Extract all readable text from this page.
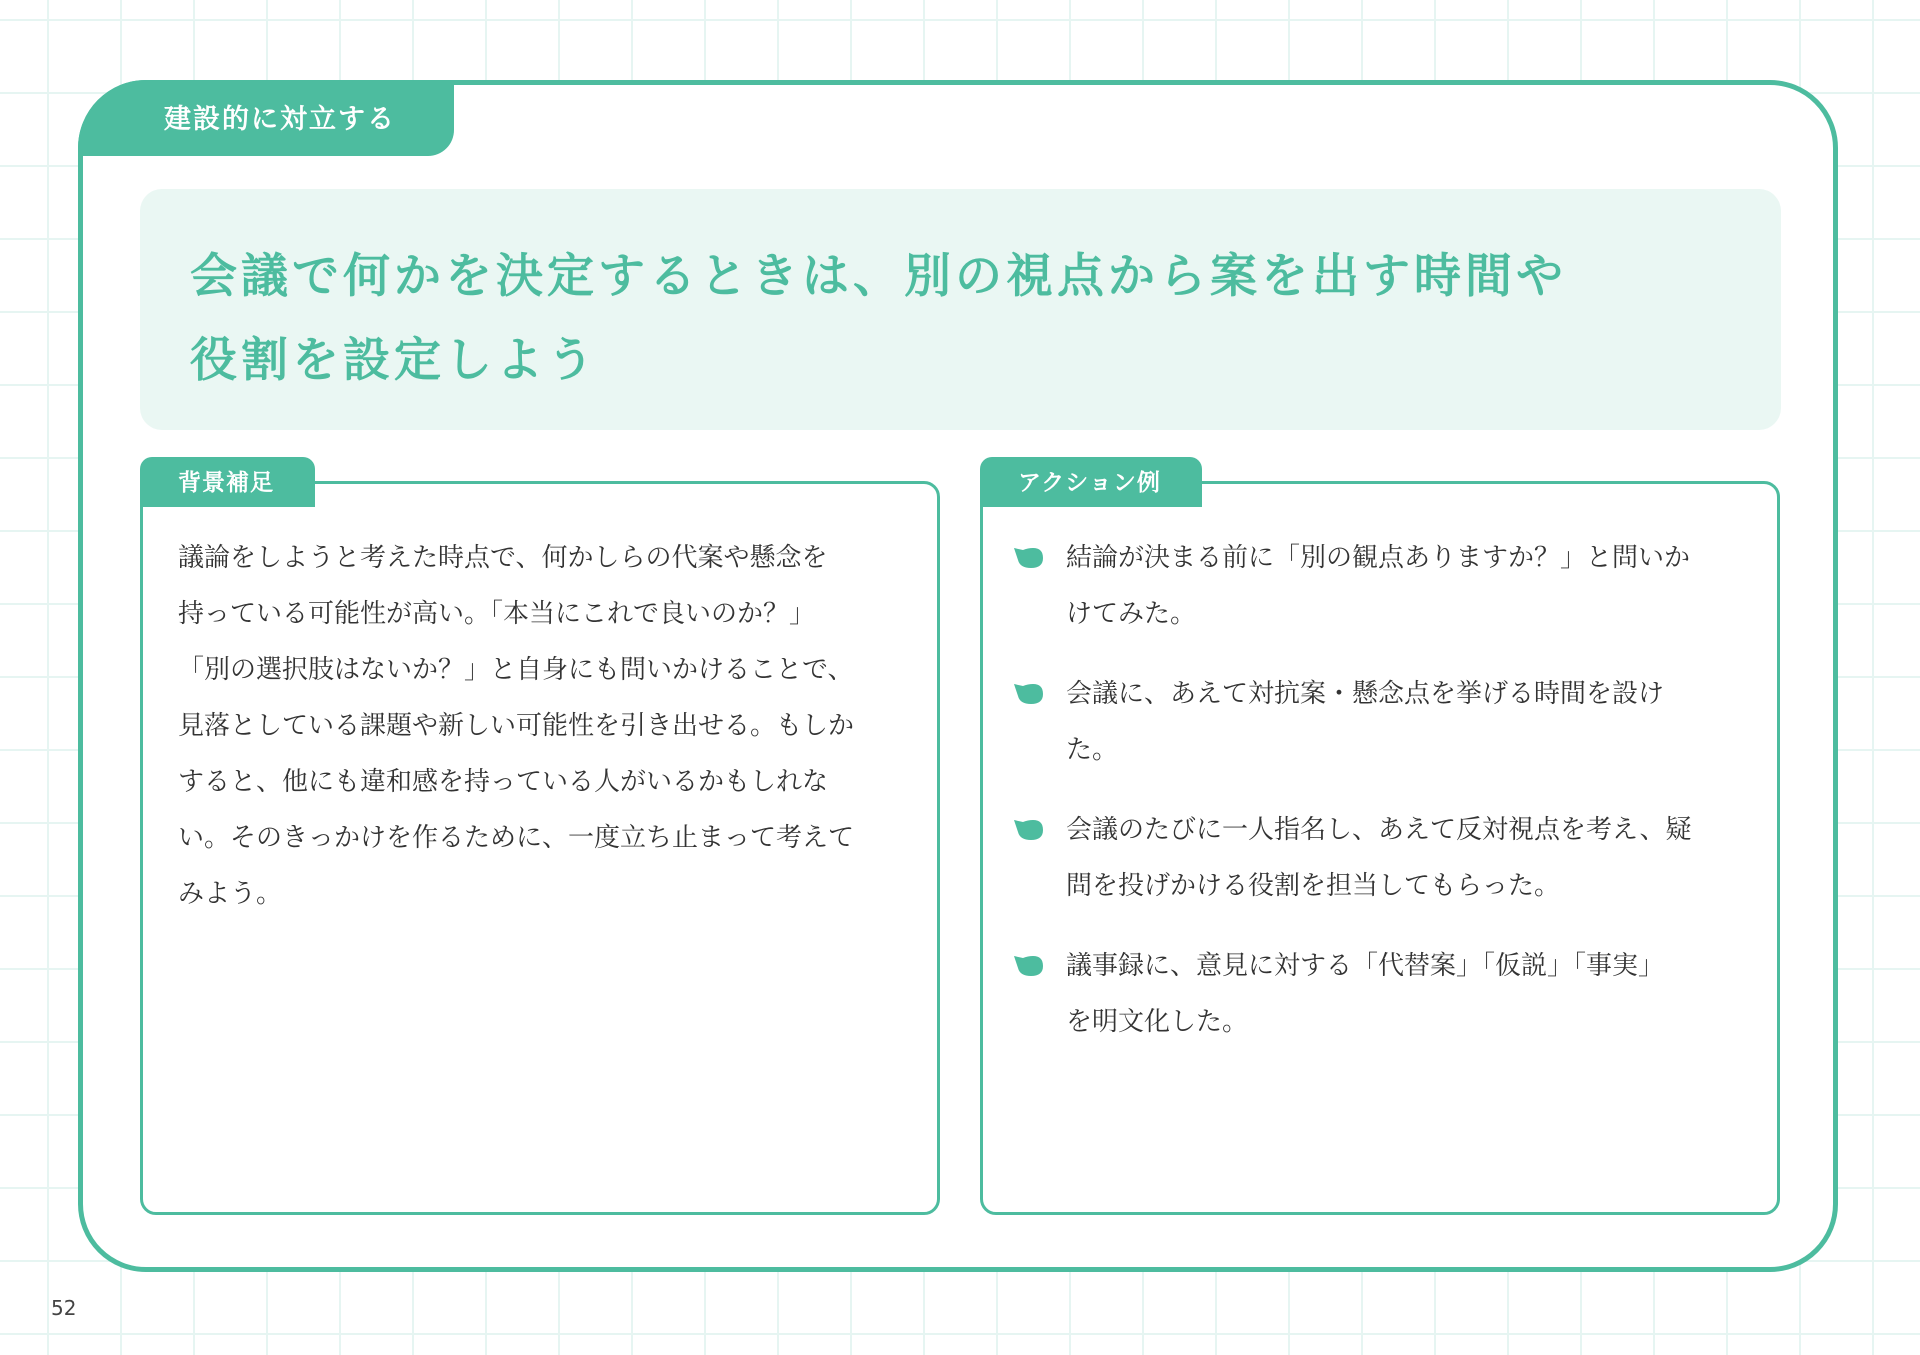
建設的に対立する
会議で何かを決定するときは、別の視点から案を出す時間や
役割を設定しよう
背景補足

議論をしようと考えた時点で、何かしらの代案や懸念を
持っている可能性が高い。「本当にこれで良いのか？」
「別の選択肢はないか？」と自身にも問いかけることで、
見落としている課題や新しい可能性を引き出せる。もしか
すると、他にも違和感を持っている人がいるかもしれな
い。そのきっかけを作るために、一度立ち止まって考えて
みよう。

アクション例
結論が決まる前に「別の観点ありますか？」と問いか
けてみた。
会議に、あえて対抗案・懸念点を挙げる時間を設け
た。
会議のたびに一人指名し、あえて反対視点を考え、疑
問を投げかける役割を担当してもらった。
議事録に、意見に対する「代替案」「仮説」「事実」
を明文化した。
52
